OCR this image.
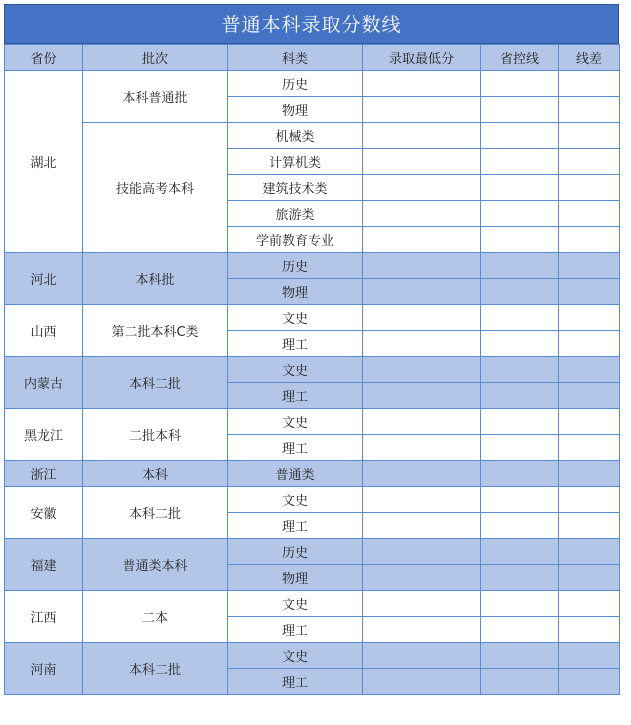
普通本科录取分数线
省份	批次	科类	录取最低分	省控线	线差
湖北	本科普通批	历史			
		物理			
	技能高考本科	机械类			
		计算机类			
		建筑技术类			
		旅游类			
		学前教育专业			
河北	本科批	历史			
		物理			
山西	第二批本科C类	文史			
		理工			
内蒙古	本科二批	文史			
		理工			
黑龙江	二批本科	文史			
		理工			
浙江	本科	普通类			
安徽	本科二批	文史			
		理工			
福建	普通类本科	历史			
		物理			
江西	二本	文史			
		理工			
河南	本科二批	文史			
		理工			
